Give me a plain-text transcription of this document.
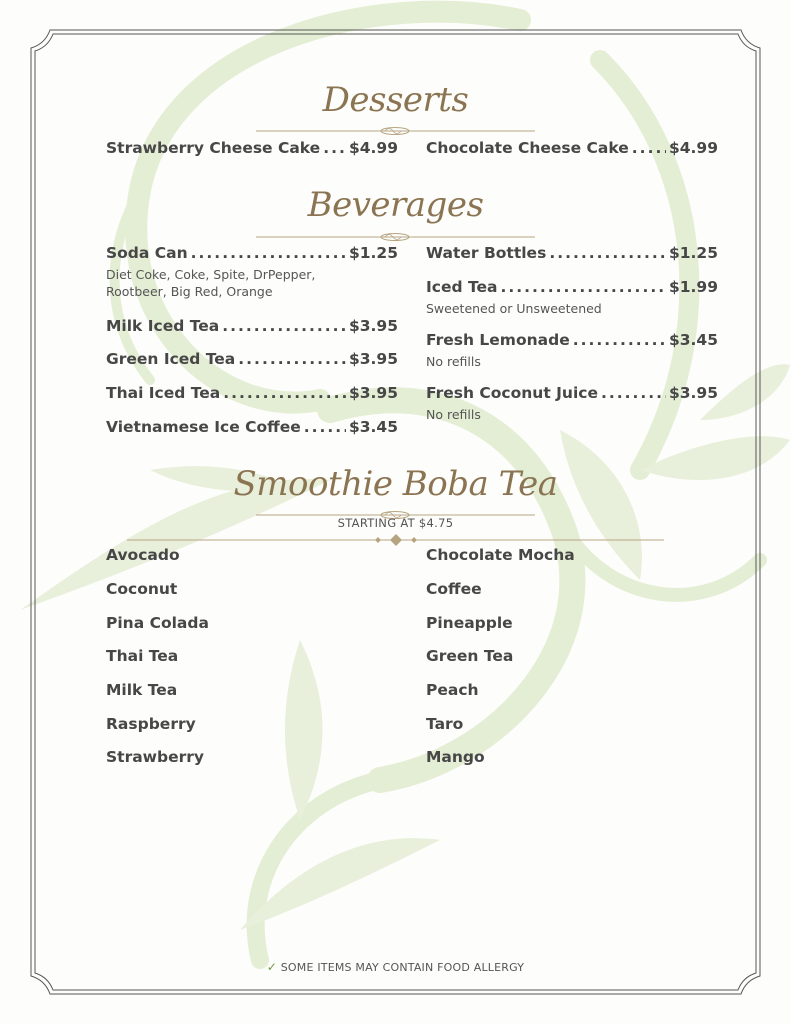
Desserts
Strawberry Cheese Cake ..... $4.99 Chocolate Cheese Cake .....	$4.99
Beverages
Soda Can .....	$1.25
Diet Coke, Coke, Spite, DrPepper,
Rootbeer, Big Red, Orange
Milk Iced Tea .....	$3.95
Green Iced Tea .....	$3.95
Thai Iced Tea .....	$3.95
Vietnamese Ice Coffee .....	$3.45
Water Bottles .....	$1.25
Iced Tea .....	$1.99
Sweetened or Unsweetened
Fresh Lemonade .....	$3.45
No refills
Fresh Coconut Juice .....	$3.95
No refills
Smoothie Boba Tea
STARTING AT $4.75
Avocado
Coconut
Pina Colada
Thai Tea
Milk Tea
Raspberry
Strawberry
Chocolate Mocha
Coffee
Pineapple
Green Tea
Peach
Taro
Mango
✓ SOME ITEMS MAY CONTAIN FOOD ALLERGY
